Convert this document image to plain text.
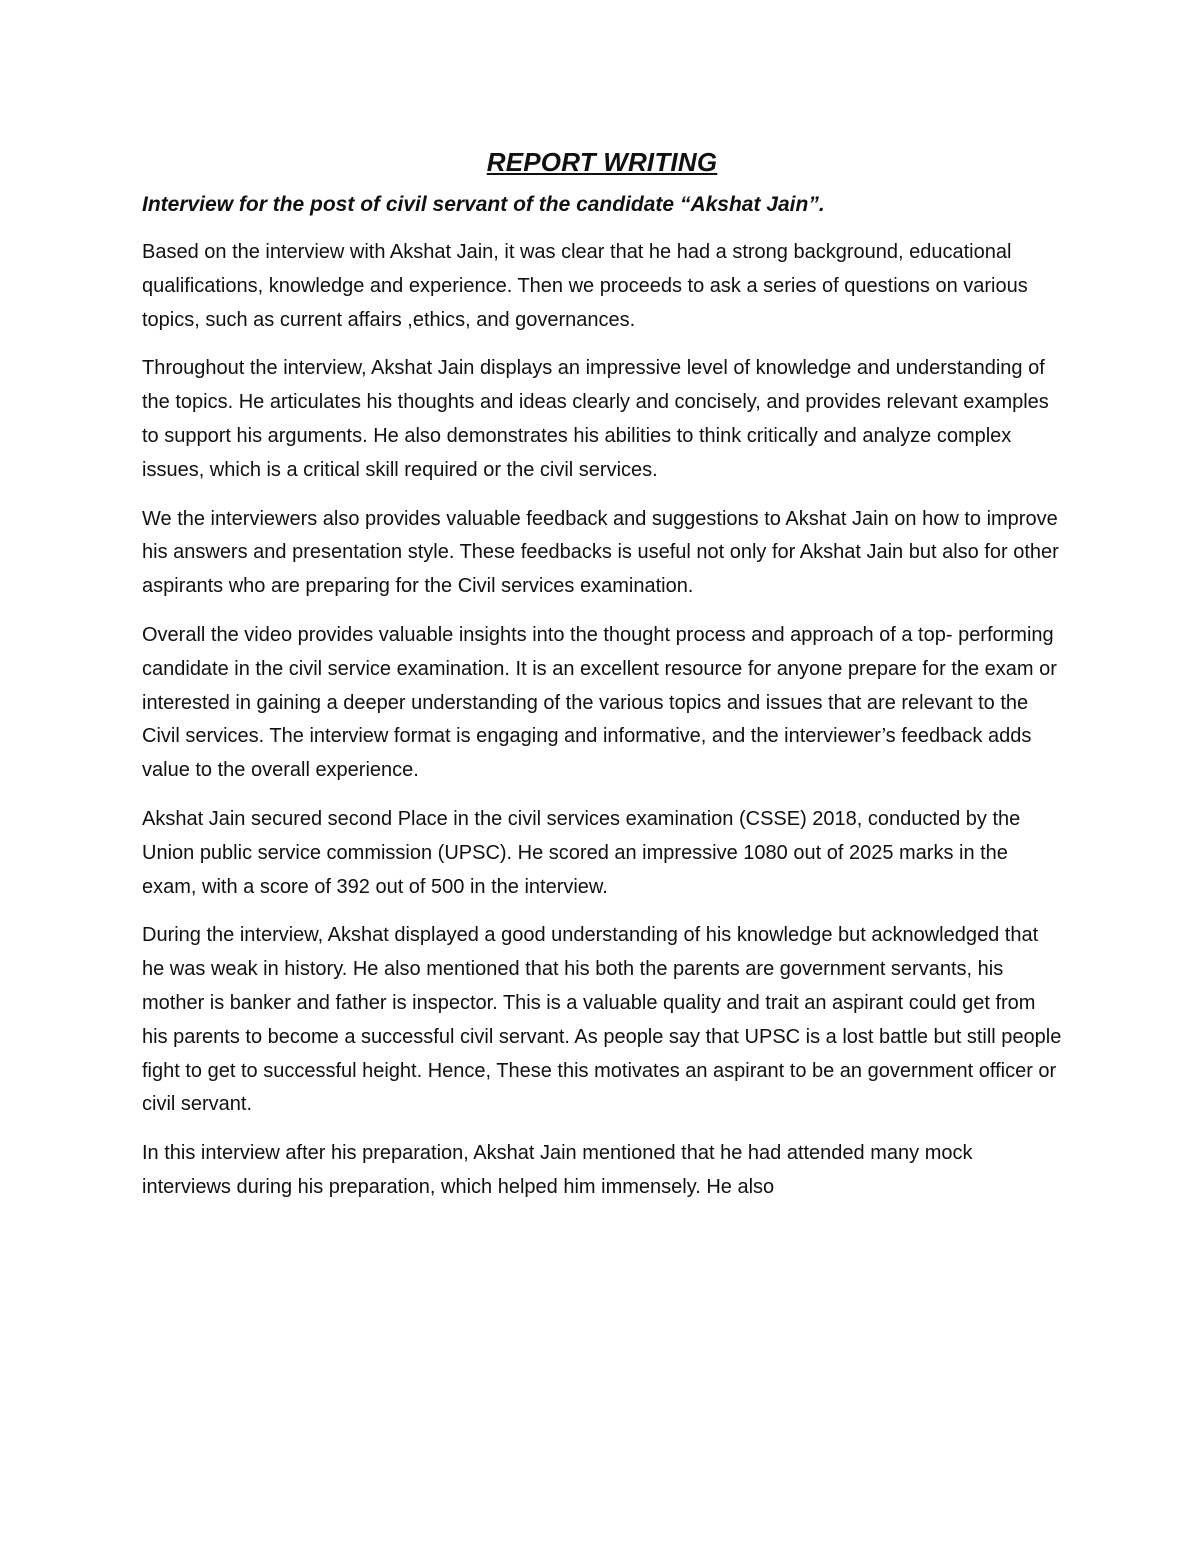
REPORT WRITING

Interview for the post of civil servant of the candidate “Akshat Jain”.

Based on the interview with Akshat Jain, it was clear that he had a strong background, educational qualifications, knowledge and experience. Then we proceeds to ask a series of questions on various topics, such as current affairs ,ethics, and governances.

Throughout the interview, Akshat Jain displays an impressive level of knowledge and understanding of the topics. He articulates his thoughts and ideas clearly and concisely, and provides relevant examples to support his arguments. He also demonstrates his abilities to think critically and analyze complex issues, which is a critical skill required or the civil services.

We the interviewers also provides valuable feedback and suggestions to Akshat Jain on how to improve his answers and presentation style. These feedbacks is useful not only for Akshat Jain but also for other aspirants who are preparing for the Civil services examination.

Overall the video provides valuable insights into the thought process and approach of a top- performing candidate in the civil service examination. It is an excellent resource for anyone prepare for the exam or interested in gaining a deeper understanding of the various topics and issues that are relevant to the Civil services. The interview format is engaging and informative, and the interviewer’s feedback adds value to the overall experience.

Akshat Jain secured second Place in the civil services examination (CSSE) 2018, conducted by the Union public service commission (UPSC). He scored an impressive 1080 out of 2025 marks in the exam, with a score of 392 out of 500 in the interview.

During the interview, Akshat displayed a good understanding of his knowledge but acknowledged that he was weak in history. He also mentioned that his both the parents are government servants, his mother is banker and father is inspector. This is a valuable quality and trait an aspirant could get from his parents to become a successful civil servant. As people say that UPSC is a lost battle but still people fight to get to successful height. Hence, These this motivates an aspirant to be an government officer or civil servant.

In this interview after his preparation, Akshat Jain mentioned that he had attended many mock interviews during his preparation, which helped him immensely. He also
